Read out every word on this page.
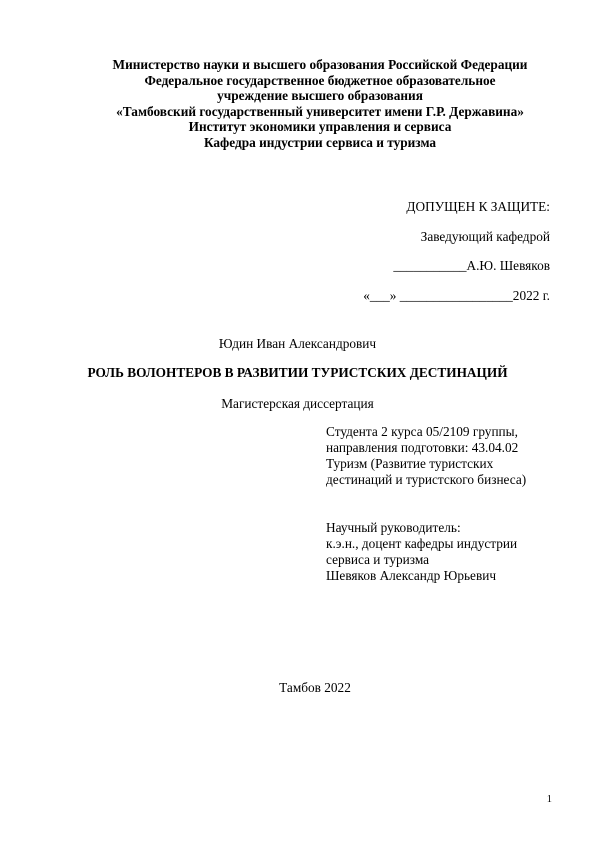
Министерство науки и высшего образования Российской Федерации
Федеральное государственное бюджетное образовательное
учреждение высшего образования
«Тамбовский государственный университет имени Г.Р. Державина»
Институт экономики управления и сервиса
Кафедра индустрии сервиса и туризма
ДОПУЩЕН К ЗАЩИТЕ:
Заведующий кафедрой
___________А.Ю. Шевяков
«___» _________________2022 г.
Юдин Иван Александрович
РОЛЬ ВОЛОНТЕРОВ В РАЗВИТИИ ТУРИСТСКИХ ДЕСТИНАЦИЙ
Магистерская диссертация
Студента 2 курса 05/2109 группы,
направления подготовки: 43.04.02
Туризм (Развитие туристских
дестинаций и туристского бизнеса)
Научный руководитель:
к.э.н., доцент кафедры индустрии
сервиса и туризма
Шевяков Александр Юрьевич
Тамбов 2022
1
